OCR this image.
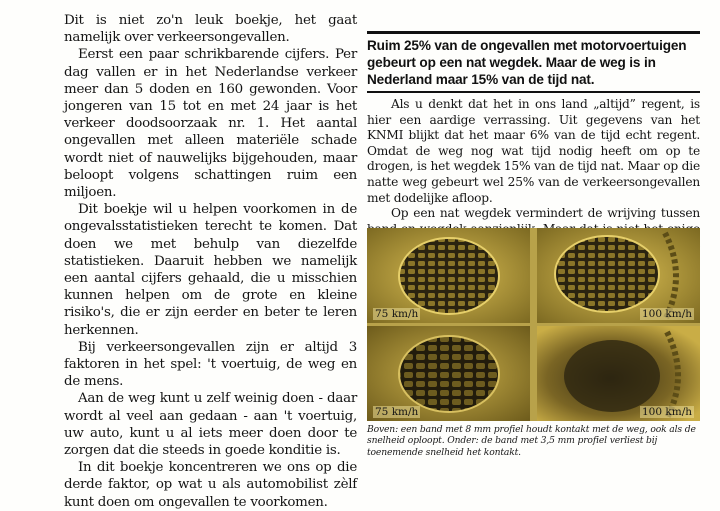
Dit is niet zo'n leuk boekje, het gaat namelijk over verkeersongevallen.

Eerst een paar schrikbarende cijfers. Per dag vallen er in het Nederlandse verkeer meer dan 5 doden en 160 gewonden. Voor jongeren van 15 tot en met 24 jaar is het verkeer doodsoorzaak nr. 1. Het aantal ongevallen met alleen materiële schade wordt niet of nauwelijks bijgehouden, maar beloopt volgens schattingen ruim een miljoen.

Dit boekje wil u helpen voorkomen in de ongevalsstatistieken terecht te komen. Dat doen we met behulp van diezelfde statistieken. Daaruit hebben we namelijk een aantal cijfers gehaald, die u misschien kunnen helpen om de grote en kleine risiko's, die er zijn eerder en beter te leren herkennen.

Bij verkeersongevallen zijn er altijd 3 faktoren in het spel: 't voertuig, de weg en de mens.

Aan de weg kunt u zelf weinig doen - daar wordt al veel aan gedaan - aan 't voertuig, uw auto, kunt u al iets meer doen door te zorgen dat die steeds in goede konditie is.

In dit boekje koncentreren we ons op die derde faktor, op wat u als automobilist zèlf kunt doen om ongevallen te voorkomen.

Ruim 25% van de ongevallen met motorvoertuigen gebeurt op een nat wegdek. Maar de weg is in Nederland maar 15% van de tijd nat.

Als u denkt dat het in ons land „altijd” regent, is hier een aardige verrassing. Uit gegevens van het KNMI blijkt dat het maar 6% van de tijd echt regent. Omdat de weg nog wat tijd nodig heeft om op te drogen, is het wegdek 15% van de tijd nat. Maar op die natte weg gebeurt wel 25% van de verkeersongevallen met dodelijke afloop.

Op een nat wegdek vermindert de wrijving tussen

75 km/h	100 km/h
75 km/h	100 km/h
Boven: een band met 8 mm profiel houdt kontakt met de weg, ook als de snelheid oploopt. Onder: de band met 3,5 mm profiel verliest bij toenemende snelheid het kontakt.
